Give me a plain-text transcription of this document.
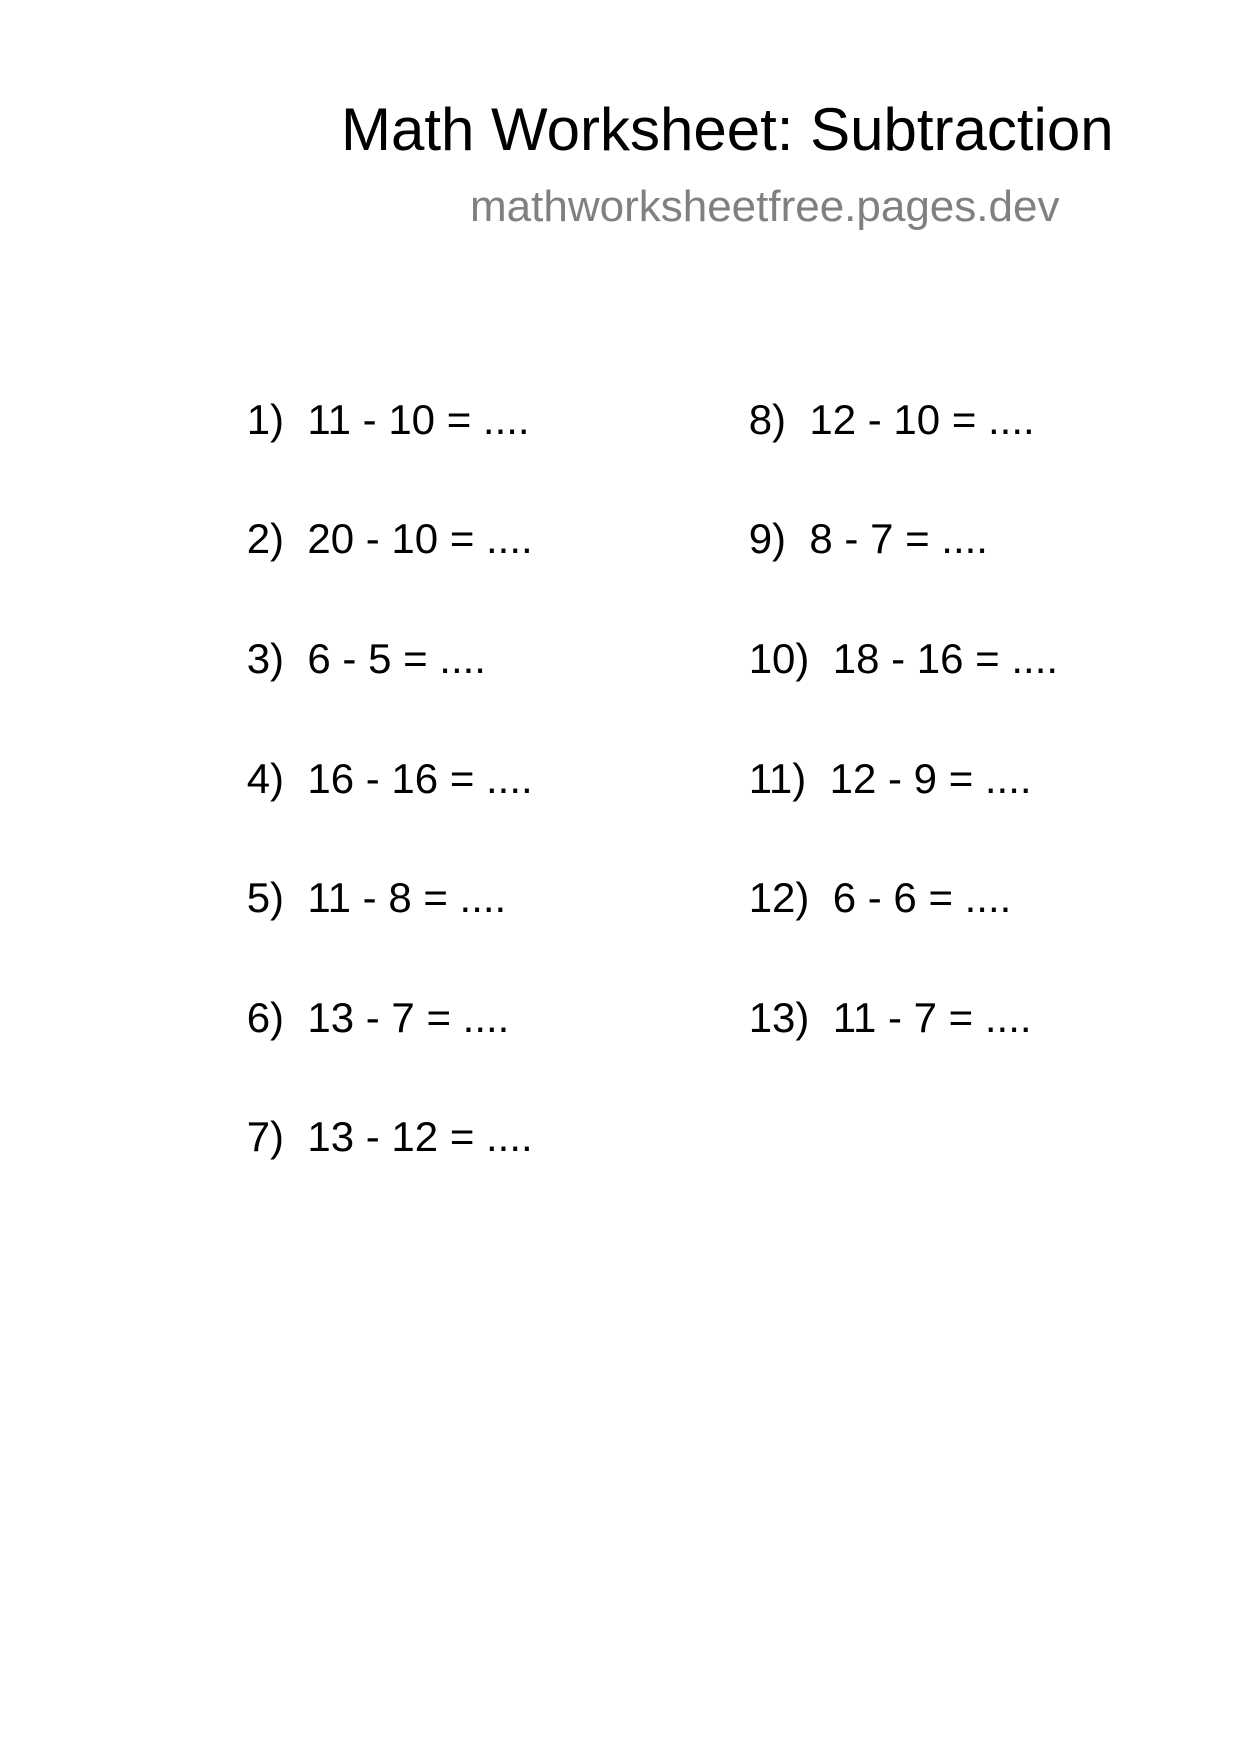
Math Worksheet: Subtraction
mathworksheetfree.pages.dev

1) 11 - 10 = ....

2) 20 - 10 = ....

3) 6 - 5 = ....

4) 16 - 16 = ....

5) 11 - 8 = ....

6) 13 - 7 = ....

7) 13 - 12 = ....

8) 12 - 10 = ....

9) 8 - 7 = ....

10) 18 - 16 = ....

11) 12 - 9 = ....

12) 6 - 6 = ....

13) 11 - 7 = ....
